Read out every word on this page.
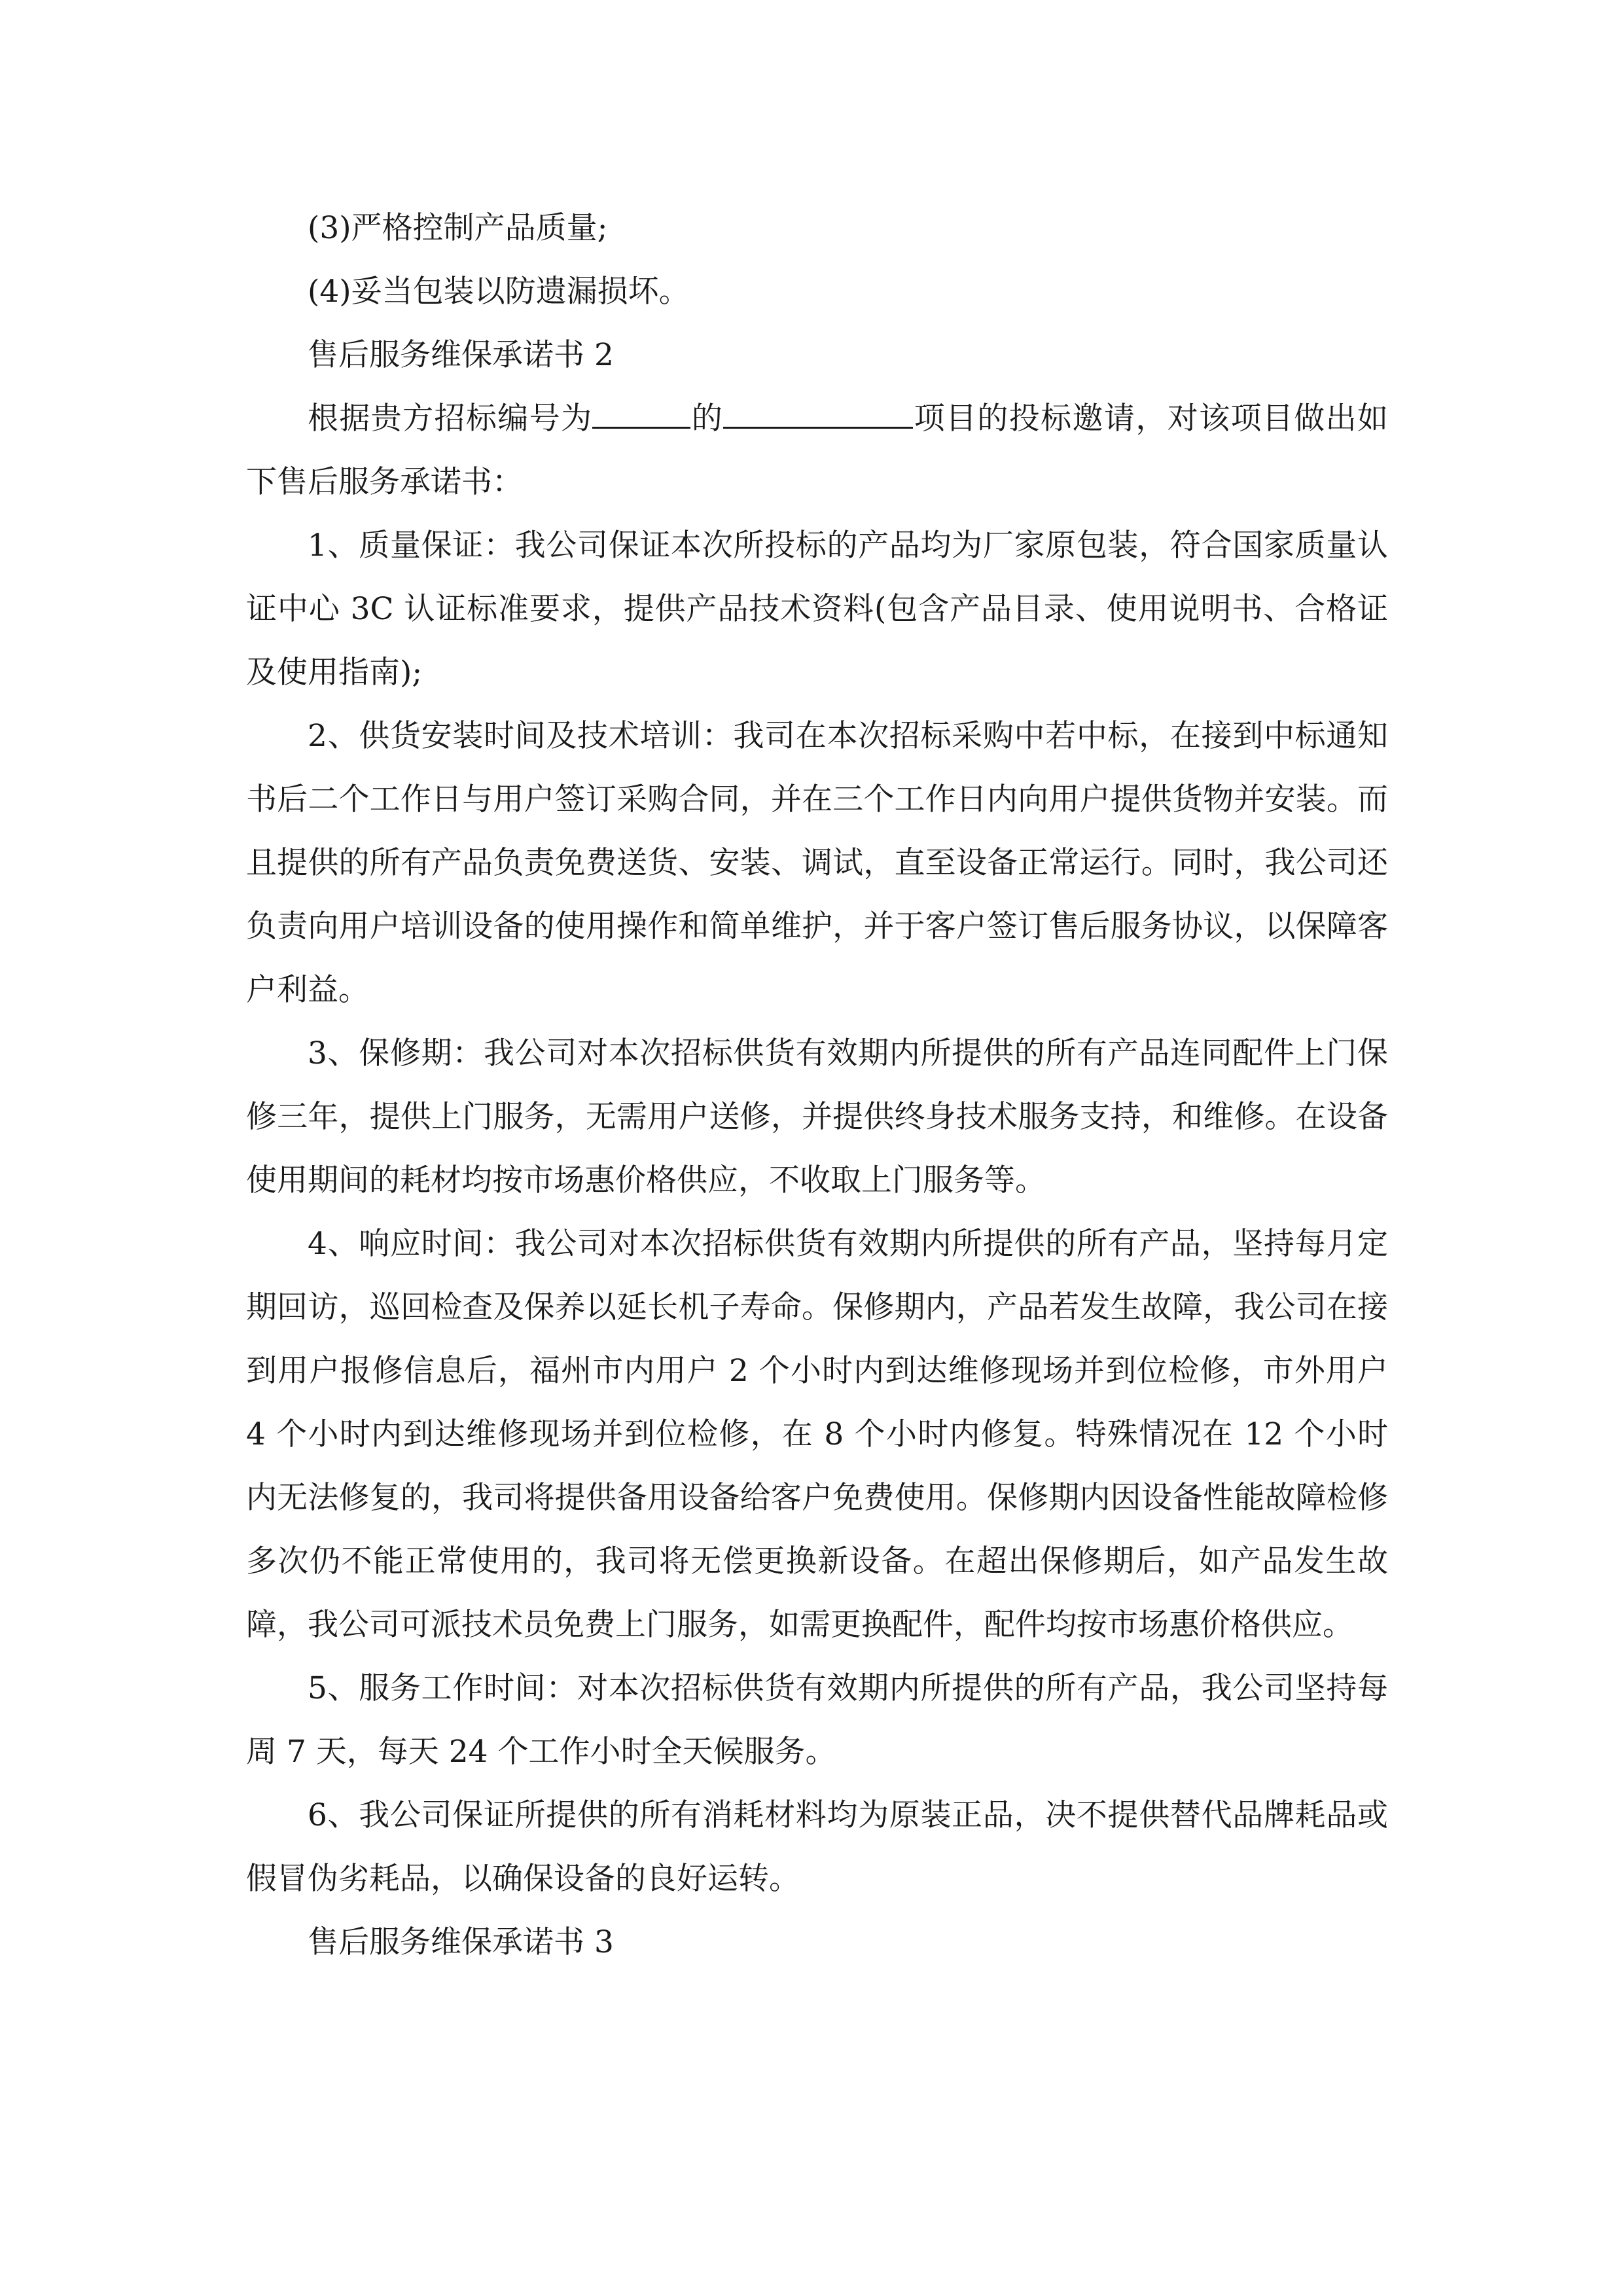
(3)严格控制产品质量;

(4)妥当包装以防遗漏损坏。

售后服务维保承诺书 2

根据贵方招标编号为	的	项目的投标邀请，对该项目做出如下售后服务承诺书：

1、质量保证：我公司保证本次所投标的产品均为厂家原包装，符合国家质量认证中心 3C 认证标准要求，提供产品技术资料(包含产品目录、使用说明书、合格证及使用指南);

2、供货安装时间及技术培训：我司在本次招标采购中若中标，在接到中标通知书后二个工作日与用户签订采购合同，并在三个工作日内向用户提供货物并安装。而且提供的所有产品负责免费送货、安装、调试，直至设备正常运行。同时，我公司还负责向用户培训设备的使用操作和简单维护，并于客户签订售后服务协议，以保障客户利益。

3、保修期：我公司对本次招标供货有效期内所提供的所有产品连同配件上门保修三年，提供上门服务，无需用户送修，并提供终身技术服务支持，和维修。在设备使用期间的耗材均按市场惠价格供应，不收取上门服务等。

4、响应时间：我公司对本次招标供货有效期内所提供的所有产品，坚持每月定期回访，巡回检查及保养以延长机子寿命。保修期内，产品若发生故障，我公司在接到用户报修信息后，福州市内用户 2 个小时内到达维修现场并到位检修，市外用户 4 个小时内到达维修现场并到位检修，在 8 个小时内修复。特殊情况在 12 个小时内无法修复的，我司将提供备用设备给客户免费使用。保修期内因设备性能故障检修多次仍不能正常使用的，我司将无偿更换新设备。在超出保修期后，如产品发生故障，我公司可派技术员免费上门服务，如需更换配件，配件均按市场惠价格供应。

5、服务工作时间：对本次招标供货有效期内所提供的所有产品，我公司坚持每周 7 天，每天 24 个工作小时全天候服务。

6、我公司保证所提供的所有消耗材料均为原装正品，决不提供替代品牌耗品或假冒伪劣耗品，以确保设备的良好运转。

售后服务维保承诺书 3
